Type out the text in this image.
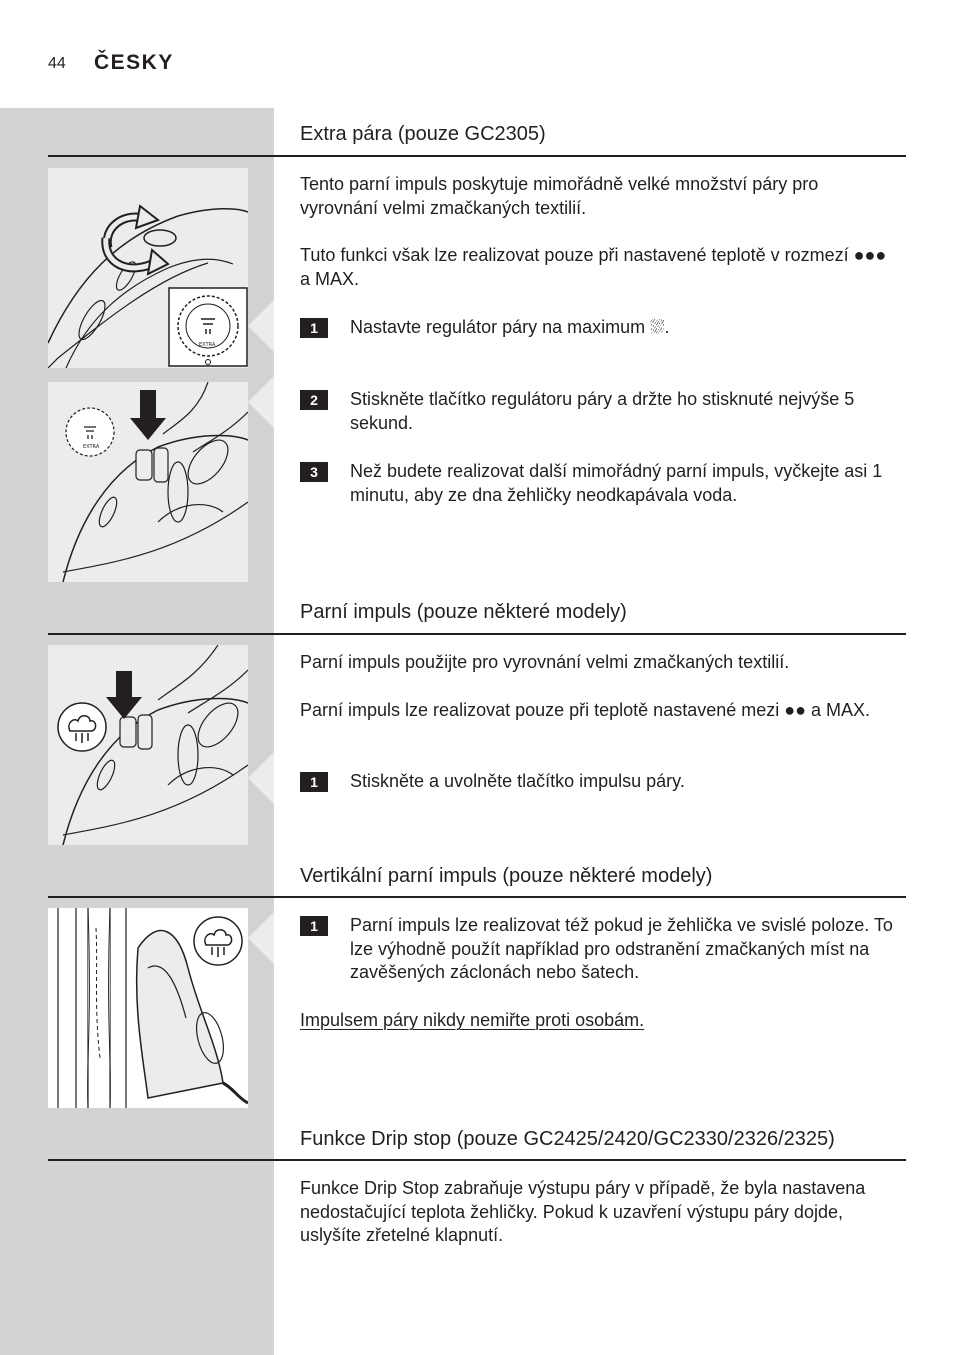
44 ČESKY
Extra pára (pouze GC2305)
EXTRA

Tento parní impuls poskytuje mimořádně velké množství páry pro vyrovnání velmi zmačkaných textilií.

Tuto funkci však lze realizovat pouze při nastavené teplotě v rozmezí ●●● a MAX.

1	Nastavte regulátor páry na maximum ⛆.
EXTRA
2	Stiskněte tlačítko regulátoru páry a držte ho stisknuté nejvýše 5 sekund.
3	Než budete realizovat další mimořádný parní impuls, vyčkejte asi 1 minutu, aby ze dna žehličky neodkapávala voda.
Parní impuls (pouze některé modely)

Parní impuls použijte pro vyrovnání velmi zmačkaných textilií.

Parní impuls lze realizovat pouze při teplotě nastavené mezi ●● a MAX.

1	Stiskněte a uvolněte tlačítko impulsu páry.
Vertikální parní impuls (pouze některé modely)
1	Parní impuls lze realizovat též pokud je žehlička ve svislé poloze. To lze výhodně použít například pro odstranění zmačkaných míst na zavěšených záclonách nebo šatech.

Impulsem páry nikdy nemiřte proti osobám.

Funkce Drip stop (pouze GC2425/2420/GC2330/2326/2325)

Funkce Drip Stop zabraňuje výstupu páry v případě, že byla nastavena nedostačující teplota žehličky. Pokud k uzavření výstupu páry dojde, uslyšíte zřetelné klapnutí.
